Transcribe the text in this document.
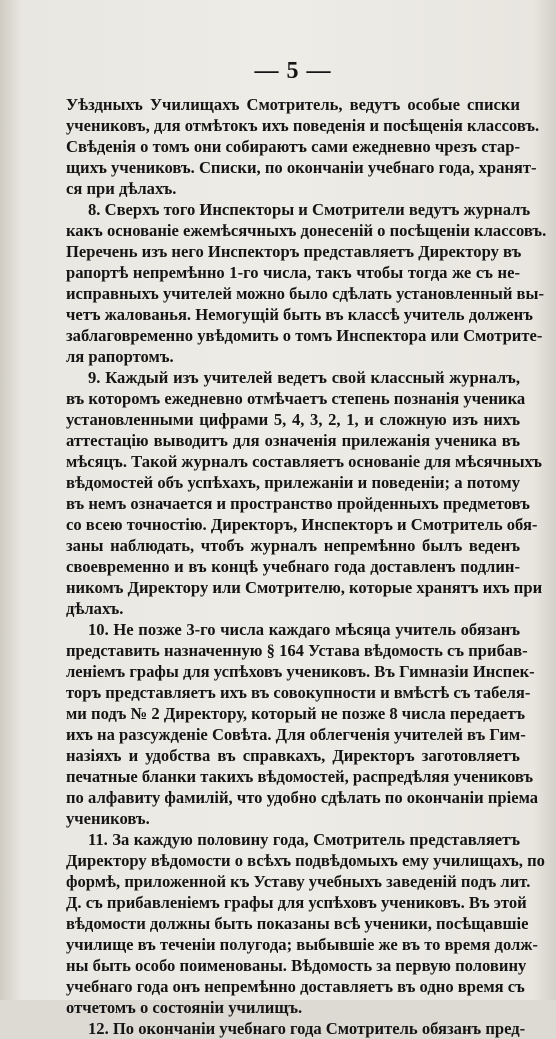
— 5 —
Уѣздныхъ Училищахъ Смотритель, ведутъ особые списки
учениковъ, для отмѣтокъ ихъ поведенія и посѣщенія классовъ.
Свѣденія о томъ они собираютъ сами ежедневно чрезъ стар-
щихъ учениковъ. Списки, по окончаніи учебнаго года, хранят-
ся при дѣлахъ.
8. Сверхъ того Инспекторы и Смотрители ведутъ журналъ
какъ основаніе ежемѣсячныхъ донесеній о посѣщеніи классовъ.
Перечень изъ него Инспекторъ представляетъ Директору въ
рапортѣ непремѣнно 1-го числа, такъ чтобы тогда же съ не-
исправныхъ учителей можно было сдѣлать установленный вы-
четъ жалованья. Немогущій быть въ классѣ учитель долженъ
заблаговременно увѣдомить о томъ Инспектора или Смотрите-
ля рапортомъ.
9. Каждый изъ учителей ведетъ свой классный журналъ,
въ которомъ ежедневно отмѣчаетъ степень познанія ученика
установленными цифрами 5, 4, 3, 2, 1, и сложную изъ нихъ
аттестацію выводитъ для означенія прилежанія ученика въ
мѣсяцъ. Такой журналъ составляетъ основаніе для мѣсячныхъ
вѣдомостей объ успѣхахъ, прилежаніи и поведеніи; а потому
въ немъ означается и пространство пройденныхъ предметовъ
со всею точностію. Директоръ, Инспекторъ и Смотритель обя-
заны наблюдать, чтобъ журналъ непремѣнно былъ веденъ
своевременно и въ концѣ учебнаго года доставленъ подлин-
никомъ Директору или Смотрителю, которые хранятъ ихъ при
дѣлахъ.
10. Не позже 3-го числа каждаго мѣсяца учитель обязанъ
представить назначенную § 164 Устава вѣдомость съ прибав-
леніемъ графы для успѣховъ учениковъ. Въ Гимназіи Инспек-
торъ представляетъ ихъ въ совокупности и вмѣстѣ съ табеля-
ми подъ № 2 Директору, который не позже 8 числа передаетъ
ихъ на разсужденіе Совѣта. Для облегченія учителей въ Гим-
назіяхъ и удобства въ справкахъ, Директоръ заготовляетъ
печатные бланки такихъ вѣдомостей, распредѣляя учениковъ
по алфавиту фамилій, что удобно сдѣлать по окончаніи пріема
учениковъ.
11. За каждую половину года, Смотритель представляетъ
Директору вѣдомости о всѣхъ подвѣдомыхъ ему училищахъ, по
формѣ, приложенной къ Уставу учебныхъ заведеній подъ лит.
Д. съ прибавленіемъ графы для успѣховъ учениковъ. Въ этой
вѣдомости должны быть показаны всѣ ученики, посѣщавшіе
училище въ теченіи полугода; выбывшіе же въ то время долж-
ны быть особо поименованы. Вѣдомость за первую половину
учебнаго года онъ непремѣнно доставляетъ въ одно время съ
отчетомъ о состояніи училищъ.
12. По окончаніи учебнаго года Смотритель обязанъ пред-
